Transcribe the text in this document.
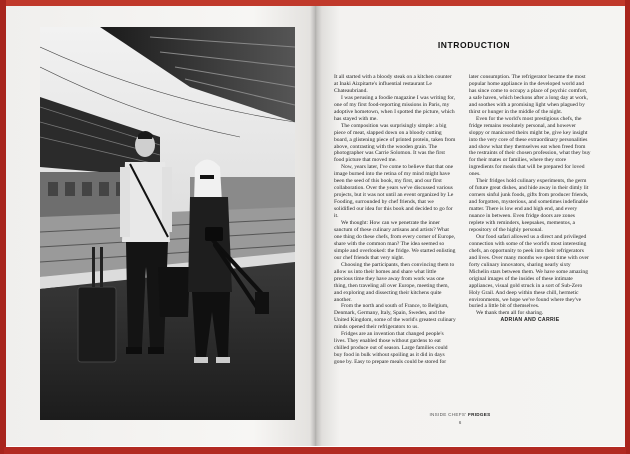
INTRODUCTION

It all started with a bloody steak on a kitchen counter at Inaki Aizpitarte's influential restaurant Le Chateaubriand.

I was perusing a foodie magazine I was writing for, one of my first food-reporting missions in Paris, my adoptive hometown, when I spotted the picture, which has stayed with me.

The composition was surprisingly simple: a big piece of meat, slapped down on a bloody cutting board, a glistening piece of printed protein, taken from above, contrasting with the wooden grain. The photographer was Carrie Solomon. It was the first food picture that moved me.

Now, years later, I've come to believe that that one image burned into the retina of my mind might have been the seed of this book, my first, and our first collaboration. Over the years we've discussed various projects, but it was not until an event organized by Le Fooding, surrounded by chef friends, that we solidified our idea for this book and decided to go for it.

We thought: How can we penetrate the inner sanctum of these culinary artisans and artists? What one thing do these chefs, from every corner of Europe, share with the common man? The idea seemed so simple and overlooked: the fridge. We started enlisting our chef friends that very night.

Choosing the participants, then convincing them to allow us into their homes and share what little precious time they have away from work was one thing, then traveling all over Europe, meeting them, and exploring and dissecting their kitchens quite another.

From the north and south of France, to Belgium, Denmark, Germany, Italy, Spain, Sweden, and the United Kingdom, some of the world's greatest culinary minds opened their refrigerators to us.

Fridges are an invention that changed people's lives. They enabled those without gardens to eat chilled produce out of season. Large families could buy food in bulk without spoiling as it did in days gone by. Easy to prepare meals could be stored for

later consumption. The refrigerator became the most popular home appliance in the developed world and has since come to occupy a place of psychic comfort, a safe haven, which beckons after a long day at work, and soothes with a promising light when plagued by thirst or hunger in the middle of the night.

Even for the world's most prestigious chefs, the fridge remains resolutely personal, and however sloppy or manicured theirs might be, give key insight into the very core of these extraordinary personalities and show what they themselves eat when freed from the restraints of their chosen profession, what they buy for their mates or families, where they store ingredients for meals that will be prepared for loved ones.

Their fridges hold culinary experiments, the germ of future great dishes, and hide away in their dimly lit corners sinful junk foods, gifts from producer friends, and forgotten, mysterious, and sometimes indefinable matter. There is low end and high end, and every nuance in between. Even fridge doors are zones replete with reminders, keepsakes, mementos, a repository of the highly personal.

Our food safari allowed us a direct and privileged connection with some of the world's most interesting chefs, an opportunity to peek into their refrigerators and lives. Over many months we spent time with over forty culinary innovators, sharing nearly sixty Michelin stars between them. We have some amazing original images of the insides of these intimate appliances, visual gold struck in a sort of Sub-Zero Holy Grail. And deep within these chill, hermetic environments, we hope we've found where they've buried a little bit of themselves.

We thank them all for sharing.

ADRIAN AND CARRIE

INSIDE CHEFS' FRIDGES
6
